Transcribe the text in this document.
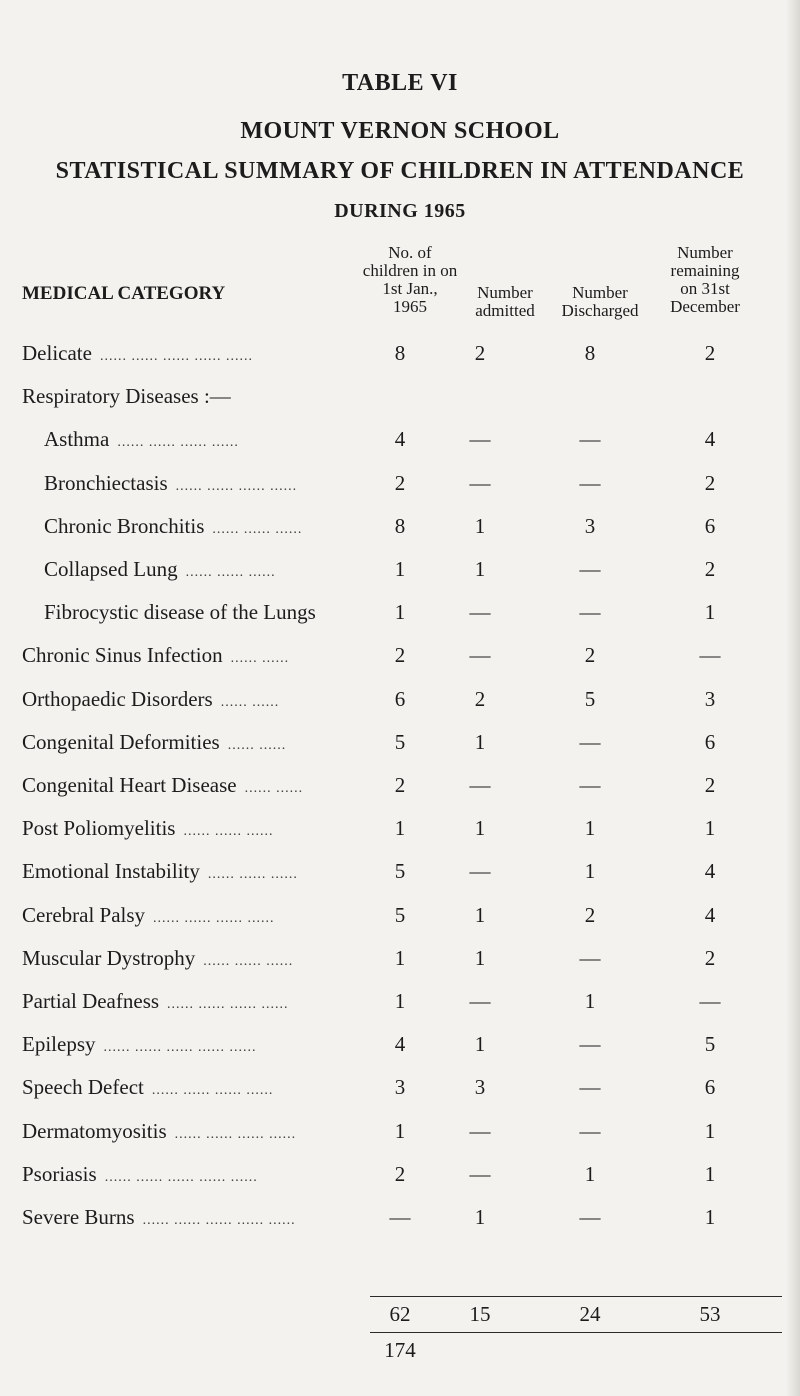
TABLE VI
MOUNT VERNON SCHOOL
STATISTICAL SUMMARY OF CHILDREN IN ATTENDANCE
DURING 1965
MEDICAL CATEGORY
No. of
children in on
1st Jan.,
1965
Number
admitted
Number
Discharged
Number
remaining
on 31st
December
Delicate ...... ...... ...... ...... ......	8	2	8	2
Respiratory Diseases :—
Asthma ...... ...... ...... ......	4	—	—	4
Bronchiectasis ...... ...... ...... ......	2	—	—	2
Chronic Bronchitis ...... ...... ......	8	1	3	6
Collapsed Lung ...... ...... ......	1	1	—	2
Fibrocystic disease of the Lungs	1	—	—	1
Chronic Sinus Infection ...... ......	2	—	2	—
Orthopaedic Disorders ...... ......	6	2	5	3
Congenital Deformities ...... ......	5	1	—	6
Congenital Heart Disease ...... ......	2	—	—	2
Post Poliomyelitis ...... ...... ......	1	1	1	1
Emotional Instability ...... ...... ......	5	—	1	4
Cerebral Palsy ...... ...... ...... ......	5	1	2	4
Muscular Dystrophy ...... ...... ......	1	1	—	2
Partial Deafness ...... ...... ...... ......	1	—	1	—
Epilepsy ...... ...... ...... ...... ......	4	1	—	5
Speech Defect ...... ...... ...... ......	3	3	—	6
Dermatomyositis ...... ...... ...... ......	1	—	—	1
Psoriasis ...... ...... ...... ...... ......	2	—	1	1
Severe Burns ...... ...... ...... ...... ......	—	1	—	1
62	15	24	53
174
